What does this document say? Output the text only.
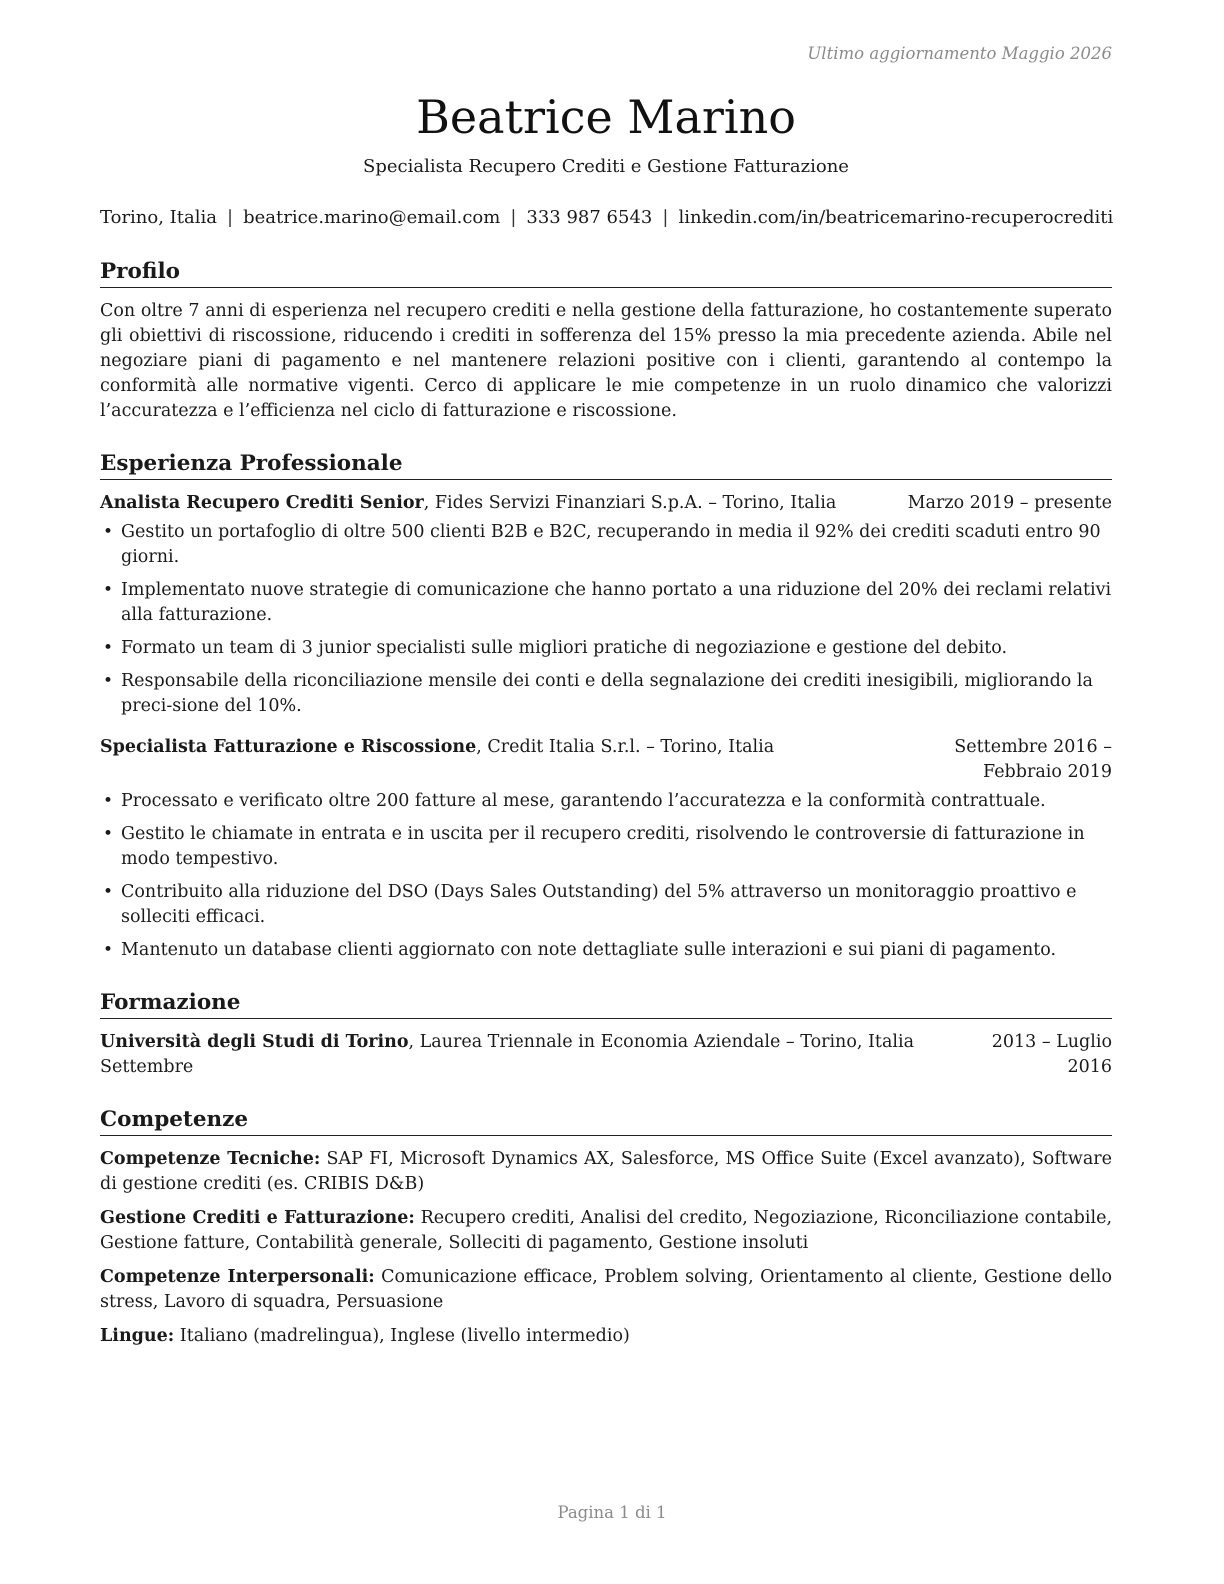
Ultimo aggiornamento Maggio 2026
Beatrice Marino
Specialista Recupero Crediti e Gestione Fatturazione
Torino, Italia | beatrice.marino@email.com | 333 987 6543 | linkedin.com/in/beatricemarino-recuperocrediti
Profilo

Con oltre 7 anni di esperienza nel recupero crediti e nella gestione della fatturazione, ho costantemente superato gli obiettivi di riscossione, riducendo i crediti in sofferenza del 15% presso la mia precedente azienda. Abile nel negoziare piani di pagamento e nel mantenere relazioni positive con i clienti, garantendo al contempo la conformità alle normative vigenti. Cerco di applicare le mie competenze in un ruolo dinamico che valorizzi l’accuratezza e l’efficienza nel ciclo di fatturazione e riscossione.

Esperienza Professionale
Analista Recupero Crediti Senior, Fides Servizi Finanziari S.p.A. – Torino, Italia	Marzo 2019 – presente
• Gestito un portafoglio di oltre 500 clienti B2B e B2C, recuperando in media il 92% dei crediti scaduti entro 90 giorni.
• Implementato nuove strategie di comunicazione che hanno portato a una riduzione del 20% dei reclami relativi alla fatturazione.
• Formato un team di 3 junior specialisti sulle migliori pratiche di negoziazione e gestione del debito.
• Responsabile della riconciliazione mensile dei conti e della segnalazione dei crediti inesigibili, migliorando la preci-sione del 10%.
Specialista Fatturazione e Riscossione, Credit Italia S.r.l. – Torino, Italia	Settembre 2016 – Febbraio 2019
• Processato e verificato oltre 200 fatture al mese, garantendo l’accuratezza e la conformità contrattuale.
• Gestito le chiamate in entrata e in uscita per il recupero crediti, risolvendo le controversie di fatturazione in modo tempestivo.
• Contribuito alla riduzione del DSO (Days Sales Outstanding) del 5% attraverso un monitoraggio proattivo e solleciti efficaci.
• Mantenuto un database clienti aggiornato con note dettagliate sulle interazioni e sui piani di pagamento.
Formazione
Università degli Studi di Torino, Laurea Triennale in Economia Aziendale – Torino, Italia Settembre
2013 – Luglio 2016
Competenze
Competenze Tecniche: SAP FI, Microsoft Dynamics AX, Salesforce, MS Office Suite (Excel avanzato), Software di gestione crediti (es. CRIBIS D&B)
Gestione Crediti e Fatturazione: Recupero crediti, Analisi del credito, Negoziazione, Riconciliazione contabile, Gestione fatture, Contabilità generale, Solleciti di pagamento, Gestione insoluti
Competenze Interpersonali: Comunicazione efficace, Problem solving, Orientamento al cliente, Gestione dello stress, Lavoro di squadra, Persuasione
Lingue: Italiano (madrelingua), Inglese (livello intermedio)
Pagina 1 di 1
